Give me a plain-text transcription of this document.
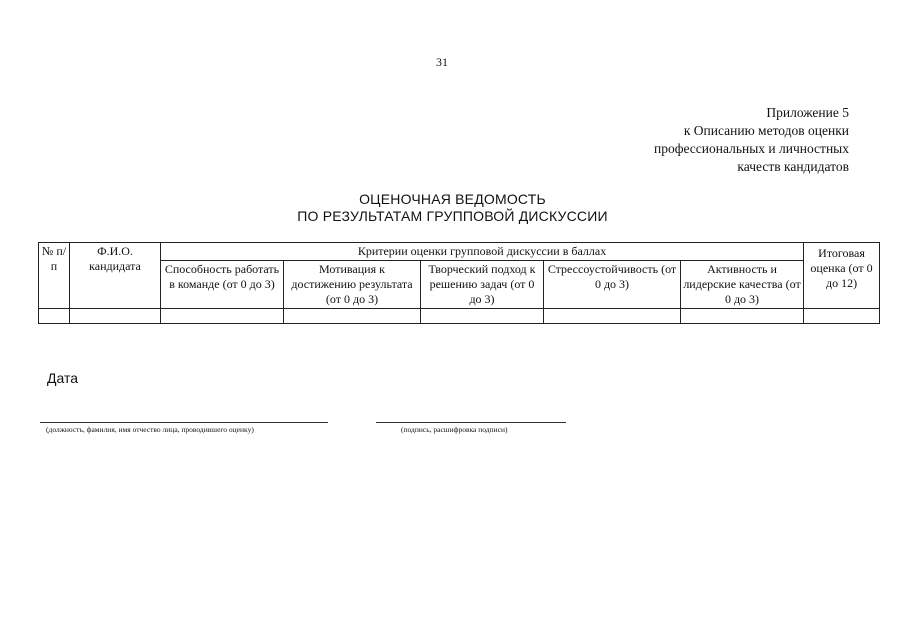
31
Приложение 5
к Описанию методов оценки
профессиональных и личностных
качеств кандидатов
ОЦЕНОЧНАЯ ВЕДОМОСТЬ
ПО РЕЗУЛЬТАТАМ ГРУППОВОЙ ДИСКУССИИ
№ п/п	Ф.И.О. кандидата	Критерии оценки групповой дискуссии в баллах					Итоговая оценка (от 0 до 12)
		Способность работать в команде (от 0 до 3)	Мотивация к достижению результата (от 0 до 3)	Творческий подход к решению задач (от 0 до 3)	Стрессоустойчивость (от 0 до 3)	Активность и лидерские качества (от 0 до 3)	

Дата
(должность, фамилия, имя отчество лица, проводившего оценку)	(подпись, расшифровка подписи)
